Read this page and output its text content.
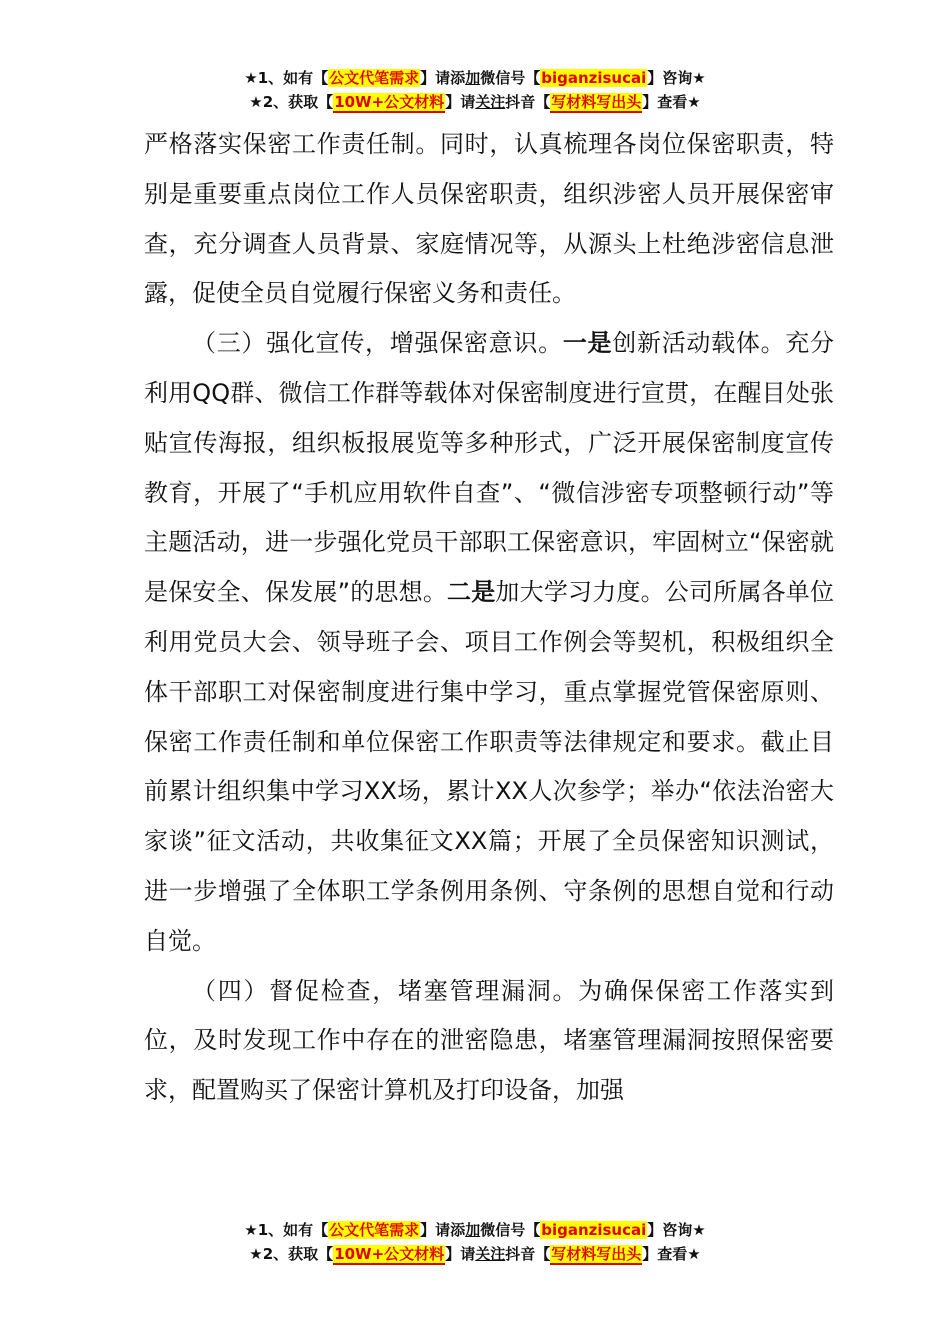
★1、如有【公文代笔需求】请添加微信号【biganzisucai】咨询★
★2、获取【10W+公文材料】请关注抖音【写材料写出头】查看★

严格落实保密工作责任制。同时，认真梳理各岗位保密职责，特别是重要重点岗位工作人员保密职责，组织涉密人员开展保密审查，充分调查人员背景、家庭情况等，从源头上杜绝涉密信息泄露，促使全员自觉履行保密义务和责任。

（三）强化宣传，增强保密意识。一是创新活动载体。充分利用QQ群、微信工作群等载体对保密制度进行宣贯，在醒目处张贴宣传海报，组织板报展览等多种形式，广泛开展保密制度宣传教育，开展了“手机应用软件自查”、“微信涉密专项整顿行动”等主题活动，进一步强化党员干部职工保密意识，牢固树立“保密就是保安全、保发展”的思想。二是加大学习力度。公司所属各单位利用党员大会、领导班子会、项目工作例会等契机，积极组织全体干部职工对保密制度进行集中学习，重点掌握党管保密原则、保密工作责任制和单位保密工作职责等法律规定和要求。截止目前累计组织集中学习XX场，累计XX人次参学；举办“依法治密大家谈”征文活动，共收集征文XX篇；开展了全员保密知识测试，进一步增强了全体职工学条例用条例、守条例的思想自觉和行动自觉。

（四）督促检查，堵塞管理漏洞。为确保保密工作落实到位，及时发现工作中存在的泄密隐患，堵塞管理漏洞按照保密要求，配置购买了保密计算机及打印设备，加强

★1、如有【公文代笔需求】请添加微信号【biganzisucai】咨询★
★2、获取【10W+公文材料】请关注抖音【写材料写出头】查看★
